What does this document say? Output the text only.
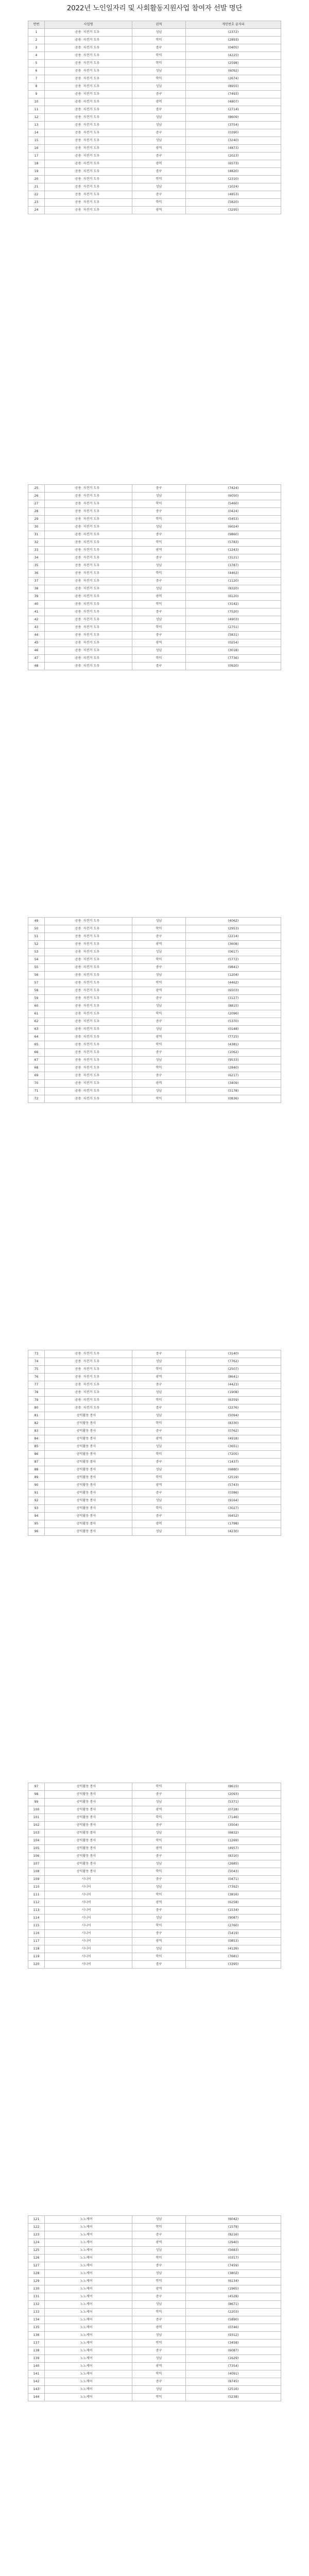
2022년 노인일자리 및 사회활동지원사업 참여자 선발 명단
연번	사업명	권역	개인번호 끝자리
1	공용 자전거 도우	성남	(2372)
2	공용 자전거 도우	학익	(2893)
3	공용 자전거 도우	중구	(0405)
4	공용 자전거 도우	학익	(4225)
5	공용 자전거 도우	학익	(2598)
6	공용 자전거 도우	성남	(6092)
7	공용 자전거 도우	학익	(2674)
8	공용 자전거 도우	성남	(8955)
9	공용 자전거 도우	중구	(7493)
10	공용 자전거 도우	광역	(4807)
11	공용 자전거 도우	중구	(2714)
12	공용 자전거 도우	성남	(8609)
13	공용 자전거 도우	성남	(3754)
14	공용 자전거 도우	중구	(0390)
15	공용 자전거 도우	성남	(3240)
16	공용 자전거 도우	광역	(4873)
17	공용 자전거 도우	중구	(2023)
18	공용 자전거 도우	광역	(6573)
19	공용 자전거 도우	중구	(4820)
20	공용 자전거 도우	학익	(2310)
21	공용 자전거 도우	성남	(1024)
22	공용 자전거 도우	중구	(4853)
23	공용 자전거 도우	학익	(5820)
24	공용 자전거 도우	광역	(3295)
25	공용 자전거 도우	중구	(7424)
26	공용 자전거 도우	성남	(6050)
27	공용 자전거 도우	학익	(5460)
28	공용 자전거 도우	중구	(0424)
29	공용 자전거 도우	학익	(5453)
30	공용 자전거 도우	성남	(6024)
31	공용 자전거 도우	중구	(9860)
32	공용 자전거 도우	학익	(5783)
33	공용 자전거 도우	광역	(1243)
34	공용 자전거 도우	중구	(3121)
35	공용 자전거 도우	성남	(3787)
36	공용 자전거 도우	학익	(4463)
37	공용 자전거 도우	중구	(1120)
38	공용 자전거 도우	성남	(8320)
39	공용 자전거 도우	광역	(6120)
40	공용 자전거 도우	학익	(3142)
41	공용 자전거 도우	중구	(7520)
42	공용 자전거 도우	성남	(4903)
43	공용 자전거 도우	학익	(2751)
44	공용 자전거 도우	중구	(5831)
45	공용 자전거 도우	광역	(0254)
46	공용 자전거 도우	성남	(3018)
47	공용 자전거 도우	학익	(7736)
48	공용 자전거 도우	중구	(0920)
49	공용 자전거 도우	성남	(4062)
50	공용 자전거 도우	학익	(2953)
51	공용 자전거 도우	중구	(2214)
52	공용 자전거 도우	광역	(3608)
53	공용 자전거 도우	성남	(0617)
54	공용 자전거 도우	학익	(5772)
55	공용 자전거 도우	중구	(9841)
56	공용 자전거 도우	성남	(1204)
57	공용 자전거 도우	학익	(4462)
58	공용 자전거 도우	광역	(6503)
59	공용 자전거 도우	중구	(3127)
60	공용 자전거 도우	성남	(8815)
61	공용 자전거 도우	학익	(2096)
62	공용 자전거 도우	중구	(5370)
63	공용 자전거 도우	성남	(0148)
64	공용 자전거 도우	광역	(7725)
65	공용 자전거 도우	학익	(4381)
66	공용 자전거 도우	중구	(1062)
67	공용 자전거 도우	성남	(9533)
68	공용 자전거 도우	학익	(2840)
69	공용 자전거 도우	중구	(6217)
70	공용 자전거 도우	광역	(3409)
71	공용 자전거 도우	성남	(5178)
72	공용 자전거 도우	학익	(0836)
73	공용 자전거 도우	중구	(3140)
74	공용 자전거 도우	성남	(7762)
75	공용 자전거 도우	학익	(2507)
76	공용 자전거 도우	광역	(8641)
77	공용 자전거 도우	중구	(4423)
78	공용 자전거 도우	성남	(1908)
79	공용 자전거 도우	학익	(6359)
80	공용 자전거 도우	중구	(2276)
81	공익활동 봉사	성남	(5094)
82	공익활동 봉사	학익	(8330)
83	공익활동 봉사	중구	(0762)
84	공익활동 봉사	광역	(4918)
85	공익활동 봉사	성남	(3651)
86	공익활동 봉사	학익	(7205)
87	공익활동 봉사	중구	(1437)
88	공익활동 봉사	성남	(6880)
89	공익활동 봉사	학익	(2519)
90	공익활동 봉사	광역	(5743)
91	공익활동 봉사	중구	(0386)
92	공익활동 봉사	성남	(9164)
93	공익활동 봉사	학익	(3027)
94	공익활동 봉사	중구	(6452)
95	공익활동 봉사	광역	(1798)
96	공익활동 봉사	성남	(4230)
97	공익활동 봉사	학익	(8615)
98	공익활동 봉사	중구	(2093)
99	공익활동 봉사	성남	(5371)
100	공익활동 봉사	광역	(0728)
101	공익활동 봉사	학익	(7146)
102	공익활동 봉사	중구	(3504)
103	공익활동 봉사	성남	(6832)
104	공익활동 봉사	학익	(1269)
105	공익활동 봉사	광역	(4957)
106	공익활동 봉사	중구	(8310)
107	공익활동 봉사	성남	(2685)
108	공익활동 봉사	학익	(5043)
109	시니어	중구	(0471)
110	시니어	성남	(7392)
111	시니어	학익	(3816)
112	시니어	광역	(6258)
113	시니어	중구	(1534)
114	시니어	성남	(9087)
115	시니어	학익	(2760)
116	시니어	중구	(5419)
117	시니어	광역	(0853)
118	시니어	성남	(4126)
119	시니어	학익	(7681)
120	시니어	중구	(3395)
121	노노케어	성남	(6042)
122	노노케어	학익	(1578)
123	노노케어	중구	(8216)
124	노노케어	광역	(2940)
125	노노케어	성남	(5683)
126	노노케어	학익	(0317)
127	노노케어	중구	(7459)
128	노노케어	성남	(3802)
129	노노케어	학익	(6134)
130	노노케어	광역	(1965)
131	노노케어	중구	(4528)
132	노노케어	성남	(8671)
133	노노케어	학익	(2203)
134	노노케어	중구	(5890)
135	노노케어	광역	(0746)
136	노노케어	성남	(9312)
137	노노케어	학익	(3458)
138	노노케어	중구	(6087)
139	노노케어	성남	(1629)
140	노노케어	광역	(7354)
141	노노케어	학익	(4091)
142	노노케어	중구	(8745)
143	노노케어	성남	(2516)
144	노노케어	학익	(5238)
